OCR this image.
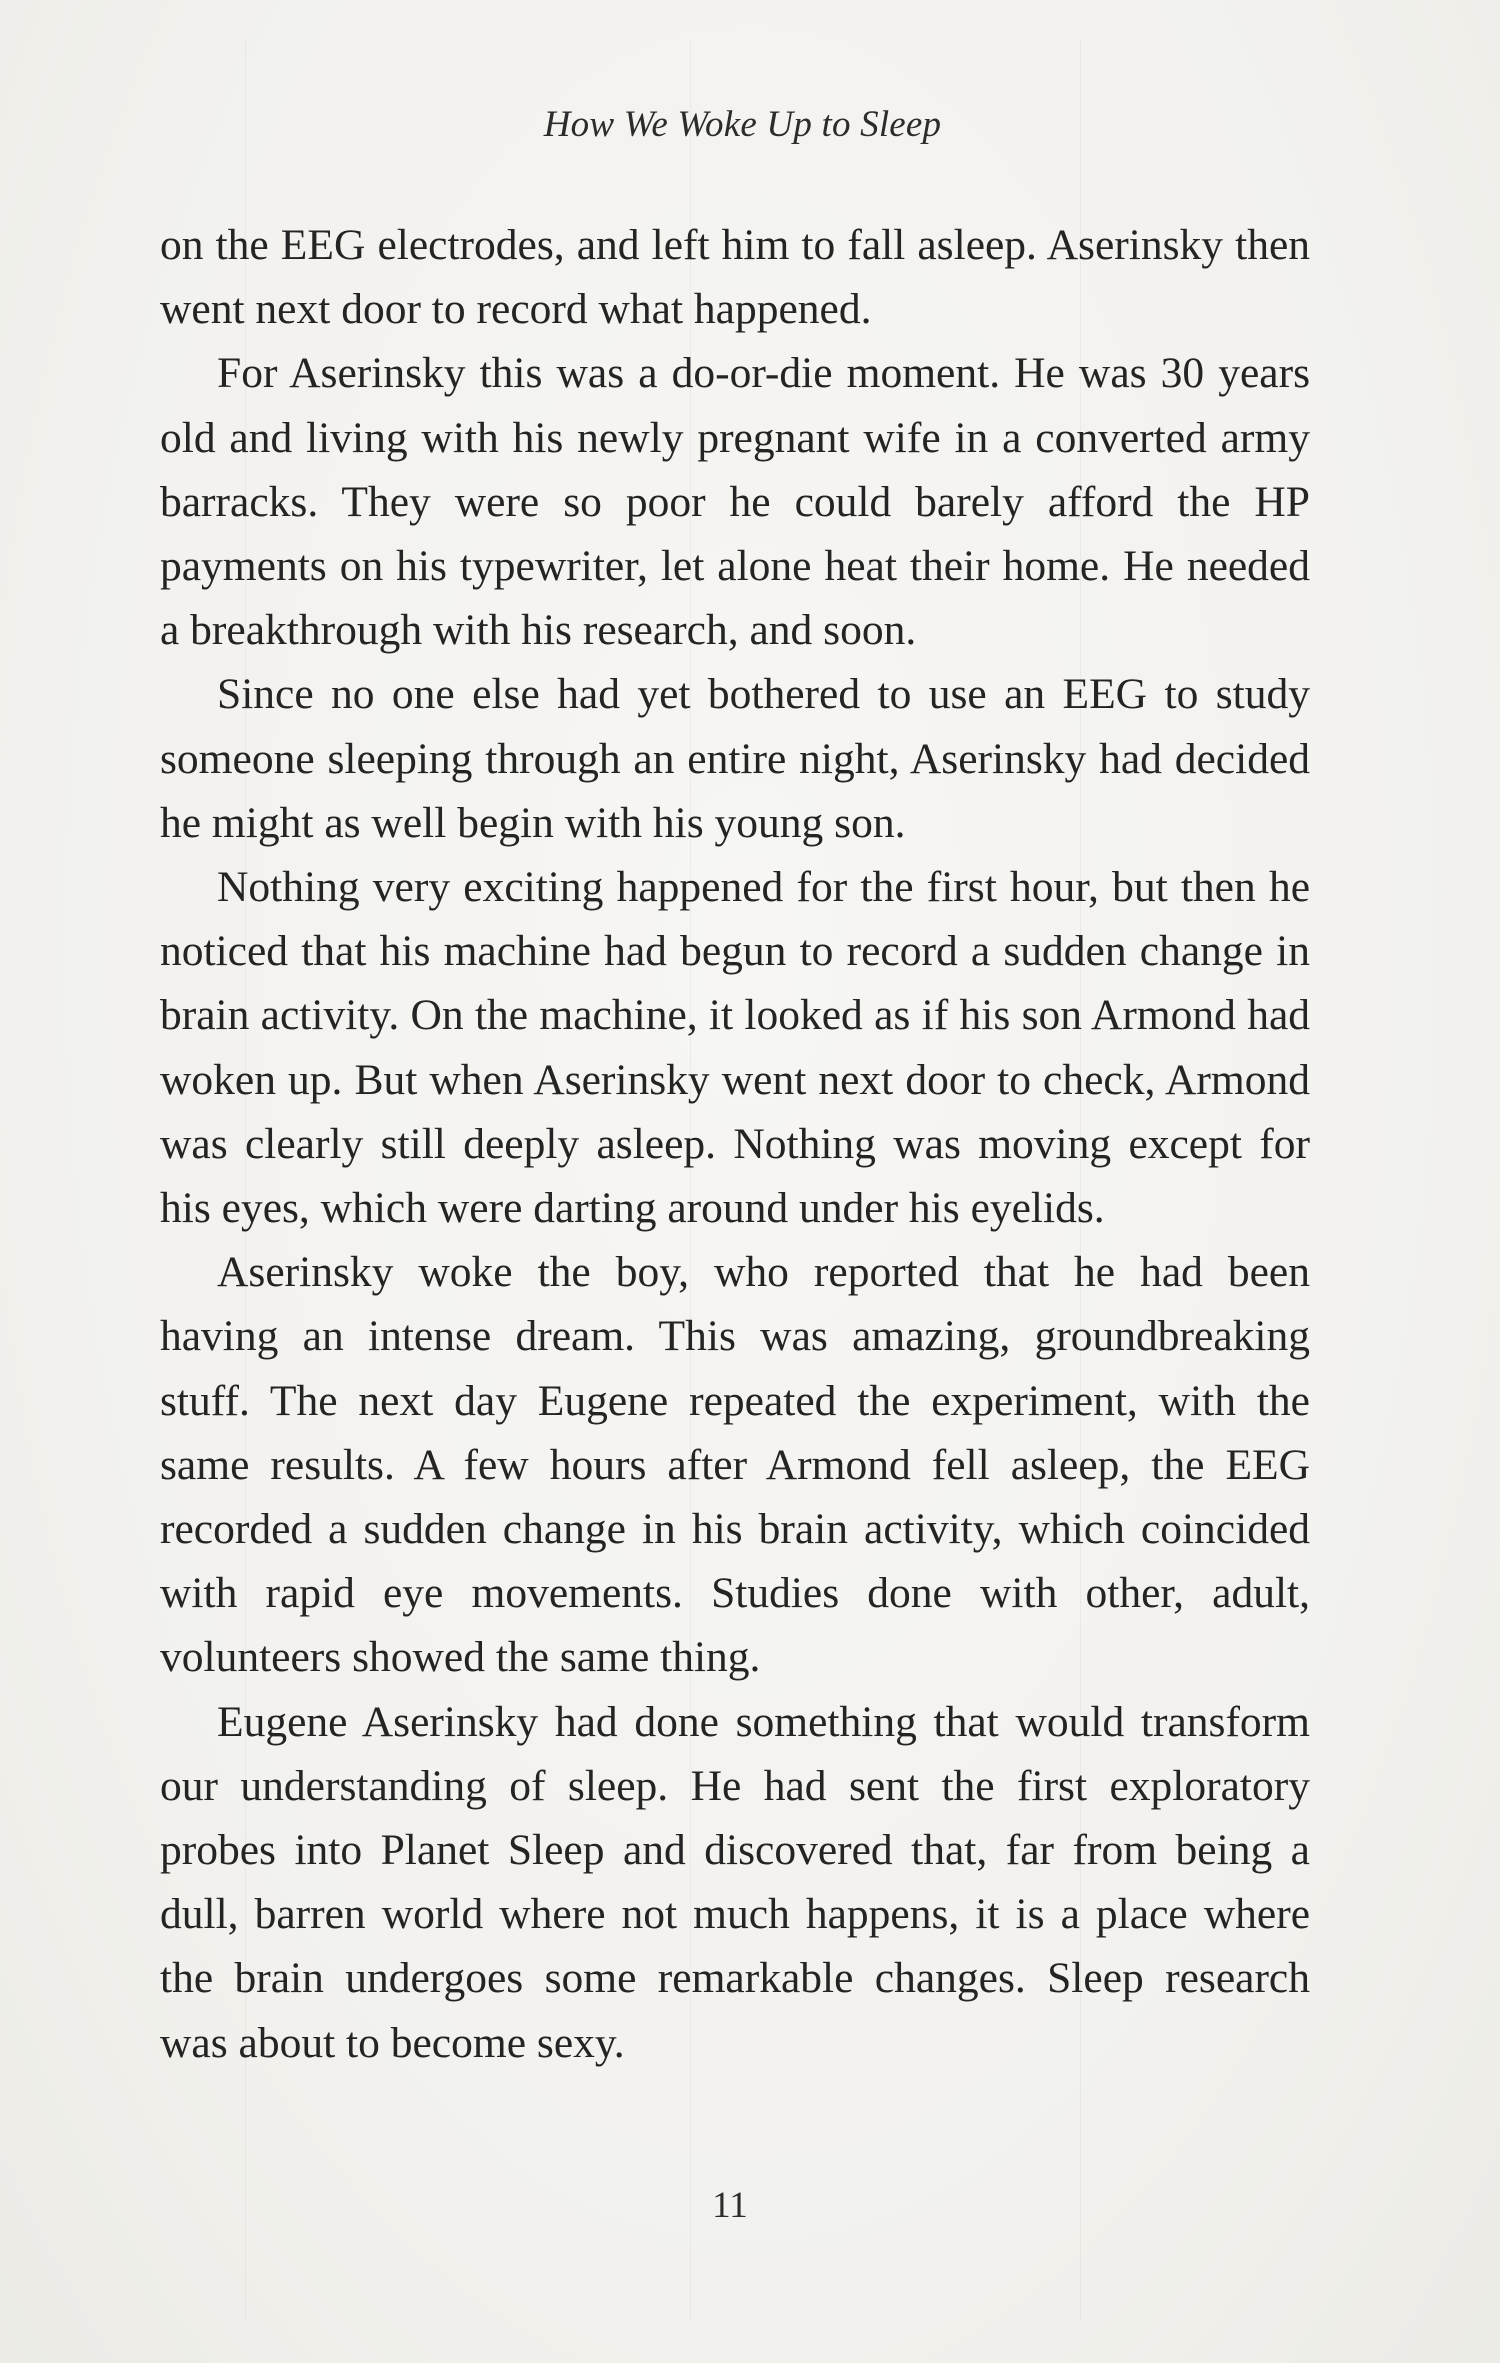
How We Woke Up to Sleep

on the EEG electrodes, and left him to fall asleep. Aserinsky then went next door to record what happened.

For Aserinsky this was a do-or-die moment. He was 30 years old and living with his newly pregnant wife in a converted army barracks. They were so poor he could barely afford the HP payments on his typewriter, let alone heat their home. He needed a breakthrough with his research, and soon.

Since no one else had yet bothered to use an EEG to study someone sleeping through an entire night, Aserinsky had decided he might as well begin with his young son.

Nothing very exciting happened for the first hour, but then he noticed that his machine had begun to record a sudden change in brain activity. On the machine, it looked as if his son Armond had woken up. But when Aserinsky went next door to check, Armond was clearly still deeply asleep. Nothing was moving except for his eyes, which were darting around under his eyelids.

Aserinsky woke the boy, who reported that he had been having an intense dream. This was amazing, groundbreaking stuff. The next day Eugene repeated the experiment, with the same results. A few hours after Armond fell asleep, the EEG recorded a sudden change in his brain activity, which coincided with rapid eye movements. Studies done with other, adult, volunteers showed the same thing.

Eugene Aserinsky had done something that would transform our understanding of sleep. He had sent the first exploratory probes into Planet Sleep and discovered that, far from being a dull, barren world where not much happens, it is a place where the brain undergoes some remarkable changes. Sleep research was about to become sexy.

11
